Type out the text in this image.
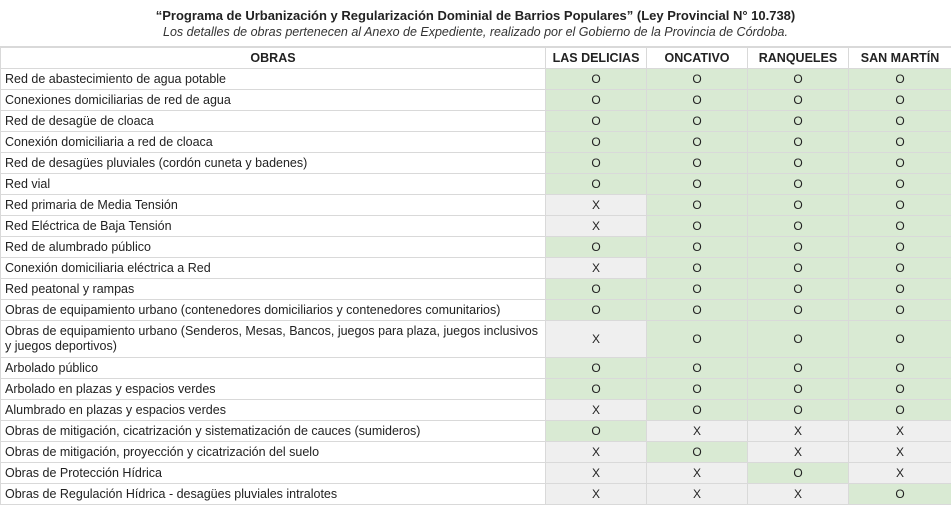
“Programa de Urbanización y Regularización Dominial de Barrios Populares” (Ley Provincial N° 10.738)
Los detalles de obras pertenecen al Anexo de Expediente, realizado por el Gobierno de la Provincia de Córdoba.
OBRAS	LAS DELICIAS	ONCATIVO	RANQUELES	SAN MARTÍN
Red de abastecimiento de agua potable	O	O	O	O
Conexiones domiciliarias de red de agua	O	O	O	O
Red de desagüe de cloaca	O	O	O	O
Conexión domiciliaria a red de cloaca	O	O	O	O
Red de desagües pluviales (cordón cuneta y badenes)	O	O	O	O
Red vial	O	O	O	O
Red primaria de Media Tensión	X	O	O	O
Red Eléctrica de Baja Tensión	X	O	O	O
Red de alumbrado público	O	O	O	O
Conexión domiciliaria eléctrica a Red	X	O	O	O
Red peatonal y rampas	O	O	O	O
Obras de equipamiento urbano (contenedores domiciliarios y contenedores comunitarios)	O	O	O	O
Obras de equipamiento urbano (Senderos, Mesas, Bancos, juegos para plaza, juegos inclusivos y juegos deportivos)	X	O	O	O
Arbolado público	O	O	O	O
Arbolado en plazas y espacios verdes	O	O	O	O
Alumbrado en plazas y espacios verdes	X	O	O	O
Obras de mitigación, cicatrización y sistematización de cauces (sumideros)	O	X	X	X
Obras de mitigación, proyección y cicatrización del suelo	X	O	X	X
Obras de Protección Hídrica	X	X	O	X
Obras de Regulación Hídrica - desagües pluviales intralotes	X	X	X	O
